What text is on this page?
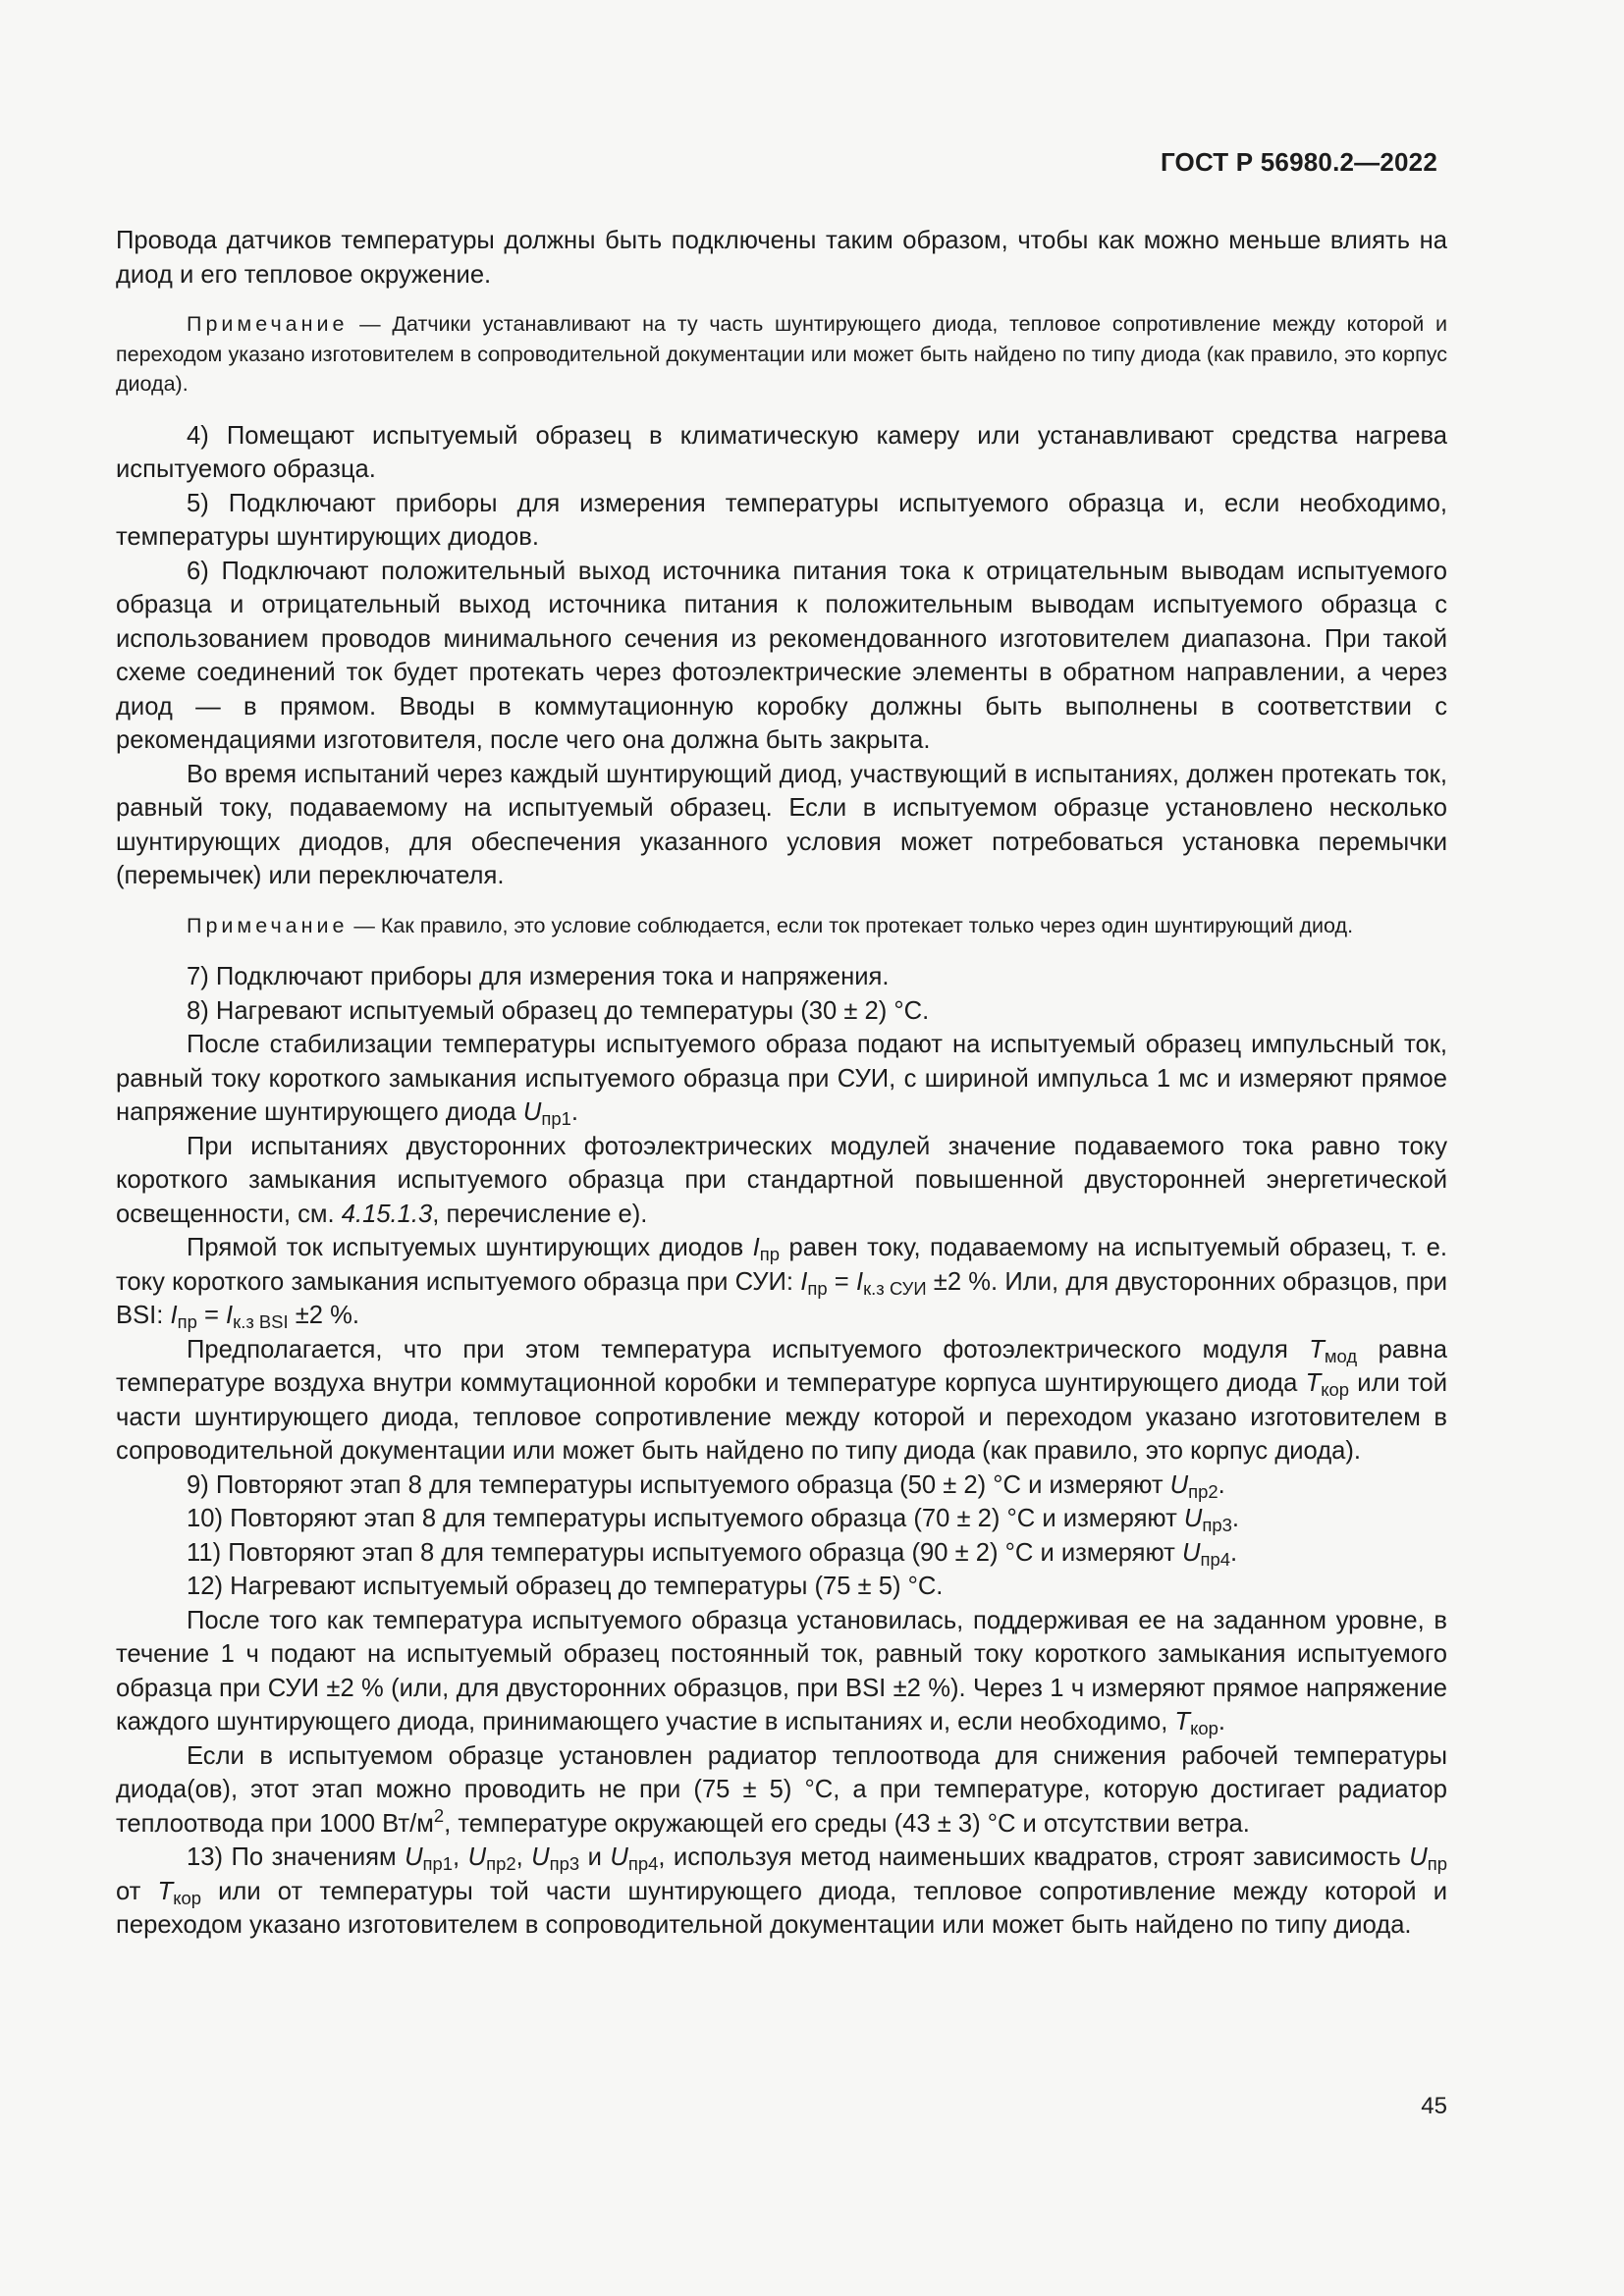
ГОСТ Р 56980.2—2022

Провода датчиков температуры должны быть подключены таким образом, чтобы как можно меньше влиять на диод и его тепловое окружение.

Примечание — Датчики устанавливают на ту часть шунтирующего диода, тепловое сопротивление между которой и переходом указано изготовителем в сопроводительной документации или может быть найдено по типу диода (как правило, это корпус диода).

4) Помещают испытуемый образец в климатическую камеру или устанавливают средства нагрева испытуемого образца.

5) Подключают приборы для измерения температуры испытуемого образца и, если необходимо, температуры шунтирующих диодов.

6) Подключают положительный выход источника питания тока к отрицательным выводам испытуемого образца и отрицательный выход источника питания к положительным выводам испытуемого образца с использованием проводов минимального сечения из рекомендованного изготовителем диапазона. При такой схеме соединений ток будет протекать через фотоэлектрические элементы в обратном направлении, а через диод — в прямом. Вводы в коммутационную коробку должны быть выполнены в соответствии с рекомендациями изготовителя, после чего она должна быть закрыта.

Во время испытаний через каждый шунтирующий диод, участвующий в испытаниях, должен протекать ток, равный току, подаваемому на испытуемый образец. Если в испытуемом образце установлено несколько шунтирующих диодов, для обеспечения указанного условия может потребоваться установка перемычки (перемычек) или переключателя.

Примечание — Как правило, это условие соблюдается, если ток протекает только через один шунтирующий диод.

7) Подключают приборы для измерения тока и напряжения.

8) Нагревают испытуемый образец до температуры (30 ± 2) °С.

После стабилизации температуры испытуемого образа подают на испытуемый образец импульсный ток, равный току короткого замыкания испытуемого образца при СУИ, с шириной импульса 1 мс и измеряют прямое напряжение шунтирующего диода $U_{пр1}$.

При испытаниях двусторонних фотоэлектрических модулей значение подаваемого тока равно току короткого замыкания испытуемого образца при стандартной повышенной двусторонней энергетической освещенности, см. 4.15.1.3, перечисление е).

Прямой ток испытуемых шунтирующих диодов $I_{пр}$ равен току, подаваемому на испытуемый образец, т. е. току короткого замыкания испытуемого образца при СУИ: $I_{пр} = I_{к.з СУИ} \pm 2$ %. Или, для двусторонних образцов, при BSI: $I_{пр} = I_{к.з BSI} \pm 2$ %.

Предполагается, что при этом температура испытуемого фотоэлектрического модуля $T_{мод}$ равна температуре воздуха внутри коммутационной коробки и температуре корпуса шунтирующего диода $T_{кор}$ или той части шунтирующего диода, тепловое сопротивление между которой и переходом указано изготовителем в сопроводительной документации или может быть найдено по типу диода (как правило, это корпус диода).

9) Повторяют этап 8 для температуры испытуемого образца (50 ± 2) °С и измеряют $U_{пр2}$.

10) Повторяют этап 8 для температуры испытуемого образца (70 ± 2) °С и измеряют $U_{пр3}$.

11) Повторяют этап 8 для температуры испытуемого образца (90 ± 2) °С и измеряют $U_{пр4}$.

12) Нагревают испытуемый образец до температуры (75 ± 5) °С.

После того как температура испытуемого образца установилась, поддерживая ее на заданном уровне, в течение 1 ч подают на испытуемый образец постоянный ток, равный току короткого замыкания испытуемого образца при СУИ ±2 % (или, для двусторонних образцов, при BSI ±2 %). Через 1 ч измеряют прямое напряжение каждого шунтирующего диода, принимающего участие в испытаниях и, если необходимо, $T_{кор}$.

Если в испытуемом образце установлен радиатор теплоотвода для снижения рабочей температуры диода(ов), этот этап можно проводить не при (75 ± 5) °С, а при температуре, которую достигает радиатор теплоотвода при 1000 $Вт/м^2$, температуре окружающей его среды (43 ± 3) °С и отсутствии ветра.

13) По значениям $U_{пр1}$, $U_{пр2}$, $U_{пр3}$ и $U_{пр4}$, используя метод наименьших квадратов, строят зависимость $U_{пр}$ от $T_{кор}$ или от температуры той части шунтирующего диода, тепловое сопротивление между которой и переходом указано изготовителем в сопроводительной документации или может быть найдено по типу диода.

45
